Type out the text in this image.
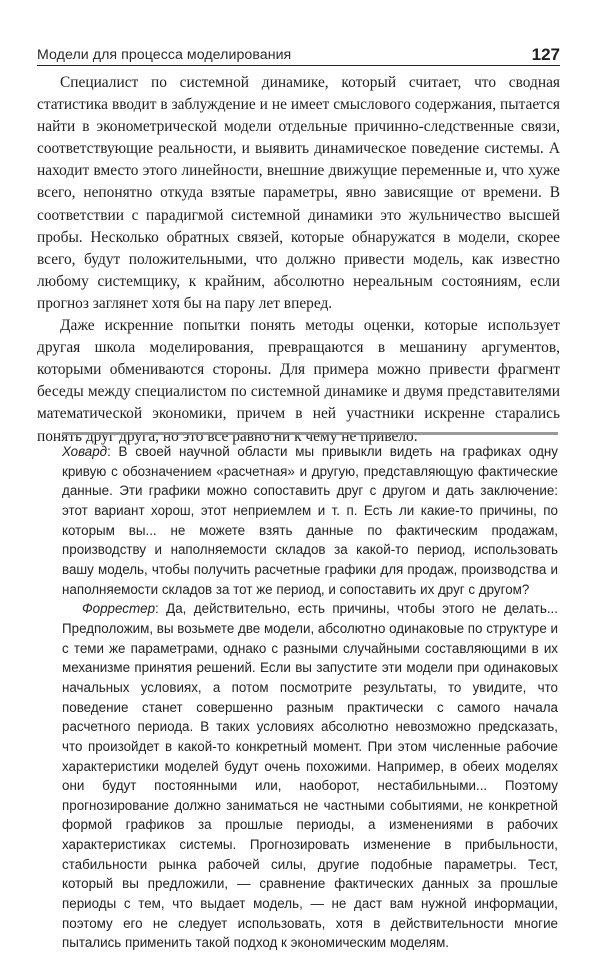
Модели для процесса моделирования	127

Специалист по системной динамике, который считает, что сводная статистика вводит в заблуждение и не имеет смыслового содержания, пытается найти в эконометрической модели отдельные причинно-следственные связи, соответствующие реальности, и выявить динамическое поведение системы. А находит вместо этого линейности, внешние движущие переменные и, что хуже всего, непонятно откуда взятые параметры, явно зависящие от времени. В соответствии с парадигмой системной динамики это жульничество высшей пробы. Несколько обратных связей, которые обнаружатся в модели, скорее всего, будут положительными, что должно привести модель, как известно любому системщику, к крайним, абсолютно нереальным состояниям, если прогноз заглянет хотя бы на пару лет вперед.

Даже искренние попытки понять методы оценки, которые использует другая школа моделирования, превращаются в мешанину аргументов, которыми обмениваются стороны. Для примера можно привести фрагмент беседы между специалистом по системной динамике и двумя представителями математической экономики, причем в ней участники искренне старались понять друг друга, но это все равно ни к чему не привело.

Ховард: В своей научной области мы привыкли видеть на графиках одну кривую с обозначением «расчетная» и другую, представляющую фактические данные. Эти графики можно сопоставить друг с другом и дать заключение: этот вариант хорош, этот неприемлем и т. п. Есть ли какие-то причины, по которым вы... не можете взять данные по фактическим продажам, производству и наполняемости складов за какой-то период, использовать вашу модель, чтобы получить расчетные графики для продаж, производства и наполняемости складов за тот же период, и сопоставить их друг с другом?

Форрестер: Да, действительно, есть причины, чтобы этого не делать... Предположим, вы возьмете две модели, абсолютно одинаковые по структуре и с теми же параметрами, однако с разными случайными составляющими в их механизме принятия решений. Если вы запустите эти модели при одинаковых начальных условиях, а потом посмотрите результаты, то увидите, что поведение станет совершенно разным практически с самого начала расчетного периода. В таких условиях абсолютно невозможно предсказать, что произойдет в какой-то конкретный момент. При этом численные рабочие характеристики моделей будут очень похожими. Например, в обеих моделях они будут постоянными или, наоборот, нестабильными... Поэтому прогнозирование должно заниматься не частными событиями, не конкретной формой графиков за прошлые периоды, а изменениями в рабочих характеристиках системы. Прогнозировать изменение в прибыльности, стабильности рынка рабочей силы, другие подобные параметры. Тест, который вы предложили, — сравнение фактических данных за прошлые периоды с тем, что выдает модель, — не даст вам нужной информации, поэтому его не следует использовать, хотя в действительности многие пытались применить такой подход к экономическим моделям.
